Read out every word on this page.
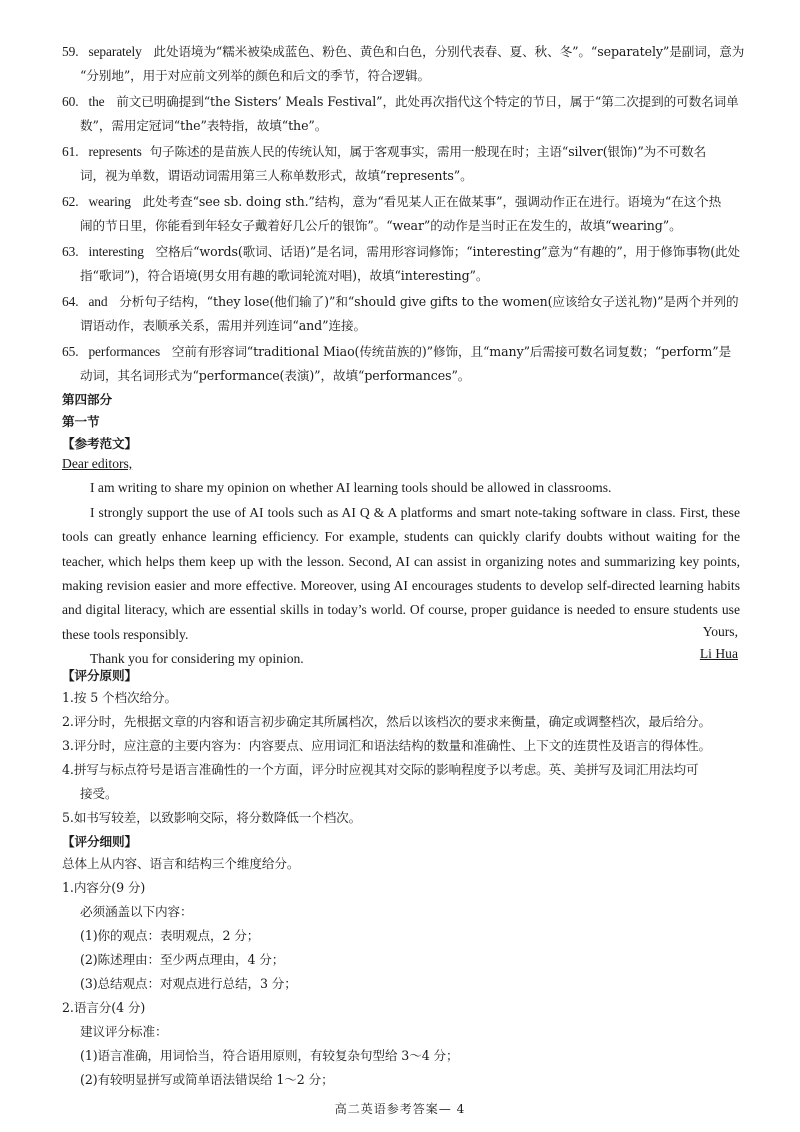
59. separately 此处语境为“糯米被染成蓝色、粉色、黄色和白色，分别代表春、夏、秋、冬”。“separately”是副词，意为
“分别地”，用于对应前文列举的颜色和后文的季节，符合逻辑。
60. the 前文已明确提到“the Sisters’ Meals Festival”，此处再次指代这个特定的节日，属于“第二次提到的可数名词单
数”，需用定冠词“the”表特指，故填“the”。
61. represents 句子陈述的是苗族人民的传统认知，属于客观事实，需用一般现在时；主语“silver(银饰)”为不可数名
词，视为单数，谓语动词需用第三人称单数形式，故填“represents”。
62. wearing 此处考查“see sb. doing sth.”结构，意为“看见某人正在做某事”，强调动作正在进行。语境为“在这个热
闹的节日里，你能看到年轻女子戴着好几公斤的银饰”。“wear”的动作是当时正在发生的，故填“wearing”。
63. interesting 空格后“words(歌词、话语)”是名词，需用形容词修饰；“interesting”意为“有趣的”，用于修饰事物(此处
指“歌词”)，符合语境(男女用有趣的歌词轮流对唱)，故填“interesting”。
64. and 分析句子结构，“they lose(他们输了)”和“should give gifts to the women(应该给女子送礼物)”是两个并列的
谓语动作，表顺承关系，需用并列连词“and”连接。
65. performances 空前有形容词“traditional Miao(传统苗族的)”修饰，且“many”后需接可数名词复数；“perform”是
动词，其名词形式为“performance(表演)”，故填“performances”。
第四部分
第一节
【参考范文】
Dear editors,

I am writing to share my opinion on whether AI learning tools should be allowed in classrooms.

I strongly support the use of AI tools such as AI Q & A platforms and smart note-taking software in class. First, these tools can greatly enhance learning efficiency. For example, students can quickly clarify doubts without waiting for the teacher, which helps them keep up with the lesson. Second, AI can assist in organizing notes and summarizing key points, making revision easier and more effective. Moreover, using AI encourages students to develop self-directed learning habits and digital literacy, which are essential skills in today’s world. Of course, proper guidance is needed to ensure students use these tools responsibly.

Thank you for considering my opinion.

Yours,
Li Hua
【评分原则】
1.按 5 个档次给分。
2.评分时，先根据文章的内容和语言初步确定其所属档次，然后以该档次的要求来衡量，确定或调整档次，最后给分。
3.评分时，应注意的主要内容为：内容要点、应用词汇和语法结构的数量和准确性、上下文的连贯性及语言的得体性。
4.拼写与标点符号是语言准确性的一个方面，评分时应视其对交际的影响程度予以考虑。英、美拼写及词汇用法均可
接受。
5.如书写较差，以致影响交际，将分数降低一个档次。
【评分细则】
总体上从内容、语言和结构三个维度给分。
1.内容分(9 分)
必须涵盖以下内容：
(1)你的观点：表明观点，2 分；
(2)陈述理由：至少两点理由，4 分；
(3)总结观点：对观点进行总结，3 分；
2.语言分(4 分)
建议评分标准：
(1)语言准确，用词恰当，符合语用原则，有较复杂句型给 3～4 分；
(2)有较明显拼写或简单语法错误给 1～2 分；
高二英语参考答案— 4
